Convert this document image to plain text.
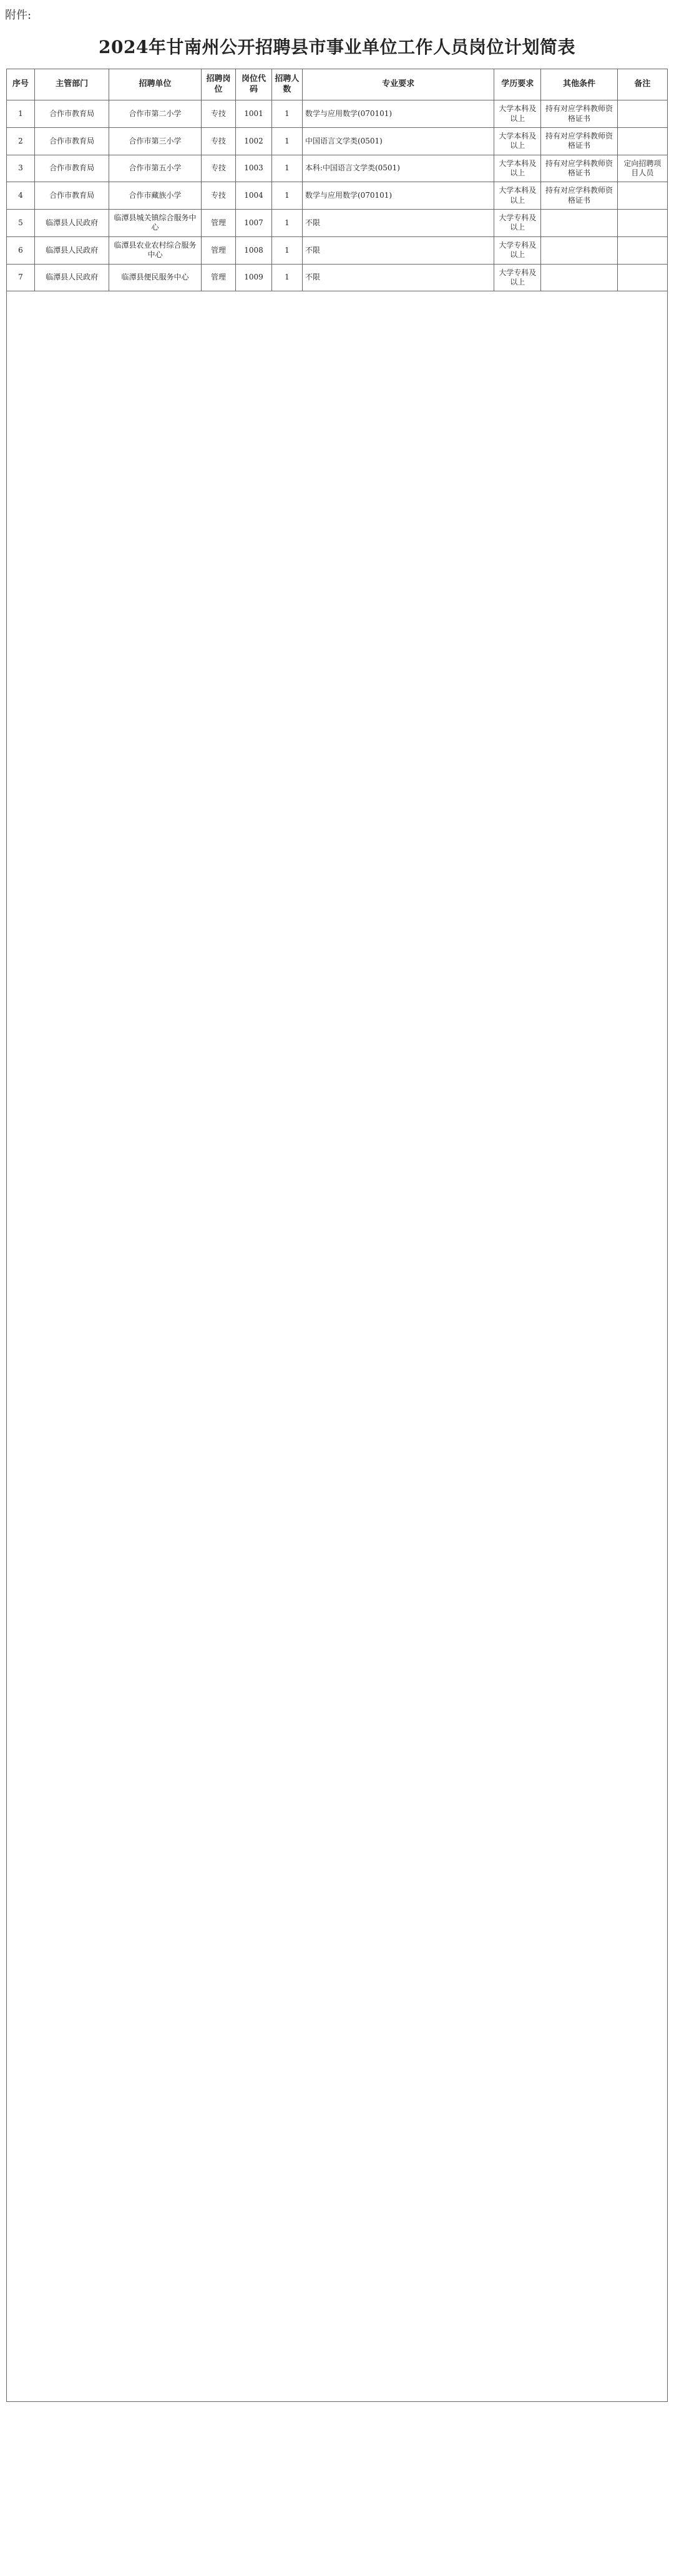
附件:
2024年甘南州公开招聘县市事业单位工作人员岗位计划简表
序号	主管部门	招聘单位	招聘岗位	岗位代码	招聘人数	专业要求	学历要求	其他条件	备注
1	合作市教育局	合作市第二小学	专技	1001	1	数学与应用数学(070101)	大学本科及以上	持有对应学科教师资格证书	
2	合作市教育局	合作市第三小学	专技	1002	1	中国语言文学类(0501)	大学本科及以上	持有对应学科教师资格证书	
3	合作市教育局	合作市第五小学	专技	1003	1	本科:中国语言文学类(0501)	大学本科及以上	持有对应学科教师资格证书	定向招聘项目人员
4	合作市教育局	合作市藏族小学	专技	1004	1	数学与应用数学(070101)	大学本科及以上	持有对应学科教师资格证书	
5	临潭县人民政府	临潭县城关镇综合服务中心	管理	1007	1	不限	大学专科及以上		
6	临潭县人民政府	临潭县农业农村综合服务中心	管理	1008	1	不限	大学专科及以上		
7	临潭县人民政府	临潭县便民服务中心	管理	1009	1	不限	大学专科及以上		
